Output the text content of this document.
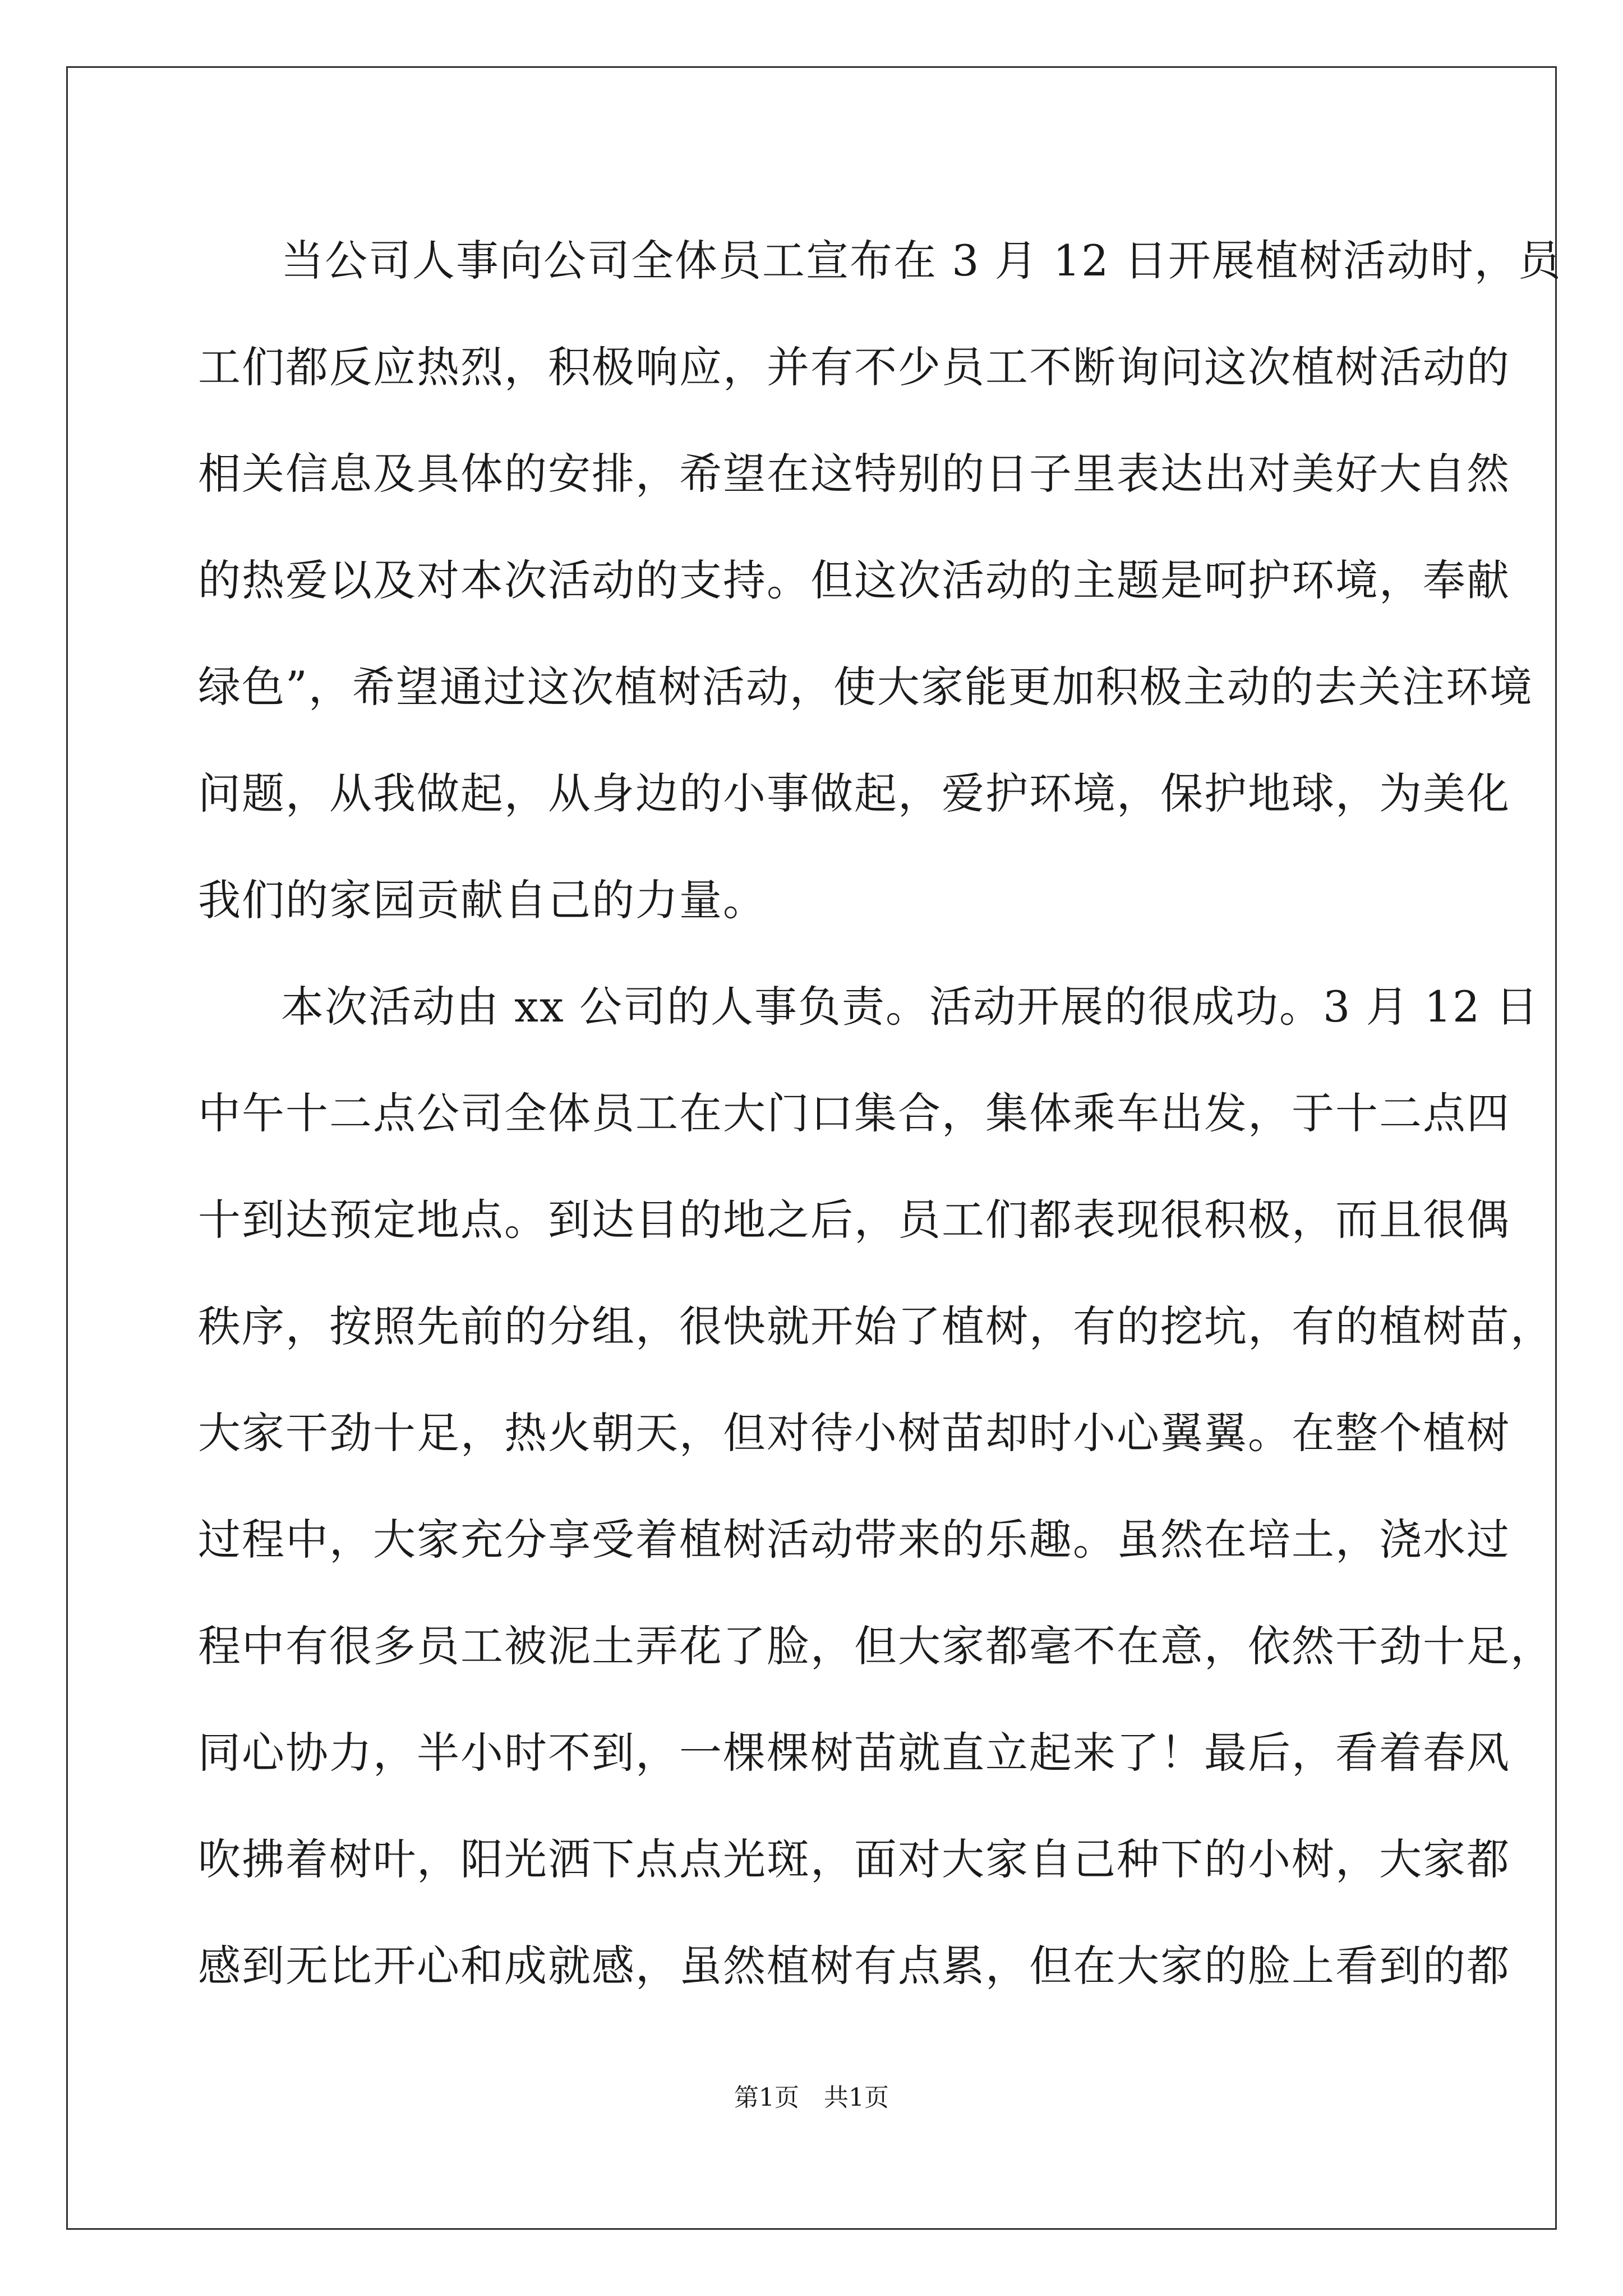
当公司人事向公司全体员工宣布在 3 月 12 日开展植树活动时，员
工们都反应热烈，积极响应，并有不少员工不断询问这次植树活动的
相关信息及具体的安排，希望在这特别的日子里表达出对美好大自然
的热爱以及对本次活动的支持。但这次活动的主题是呵护环境，奉献
绿色”，希望通过这次植树活动，使大家能更加积极主动的去关注环境
问题，从我做起，从身边的小事做起，爱护环境，保护地球，为美化
我们的家园贡献自己的力量。
本次活动由 xx 公司的人事负责。活动开展的很成功。3 月 12 日
中午十二点公司全体员工在大门口集合，集体乘车出发，于十二点四
十到达预定地点。到达目的地之后，员工们都表现很积极，而且很偶
秩序，按照先前的分组，很快就开始了植树，有的挖坑，有的植树苗，
大家干劲十足，热火朝天，但对待小树苗却时小心翼翼。在整个植树
过程中，大家充分享受着植树活动带来的乐趣。虽然在培土，浇水过
程中有很多员工被泥土弄花了脸，但大家都毫不在意，依然干劲十足，
同心协力，半小时不到，一棵棵树苗就直立起来了！最后，看着春风
吹拂着树叶，阳光洒下点点光斑，面对大家自己种下的小树，大家都
感到无比开心和成就感，虽然植树有点累，但在大家的脸上看到的都
第1页　共1页
